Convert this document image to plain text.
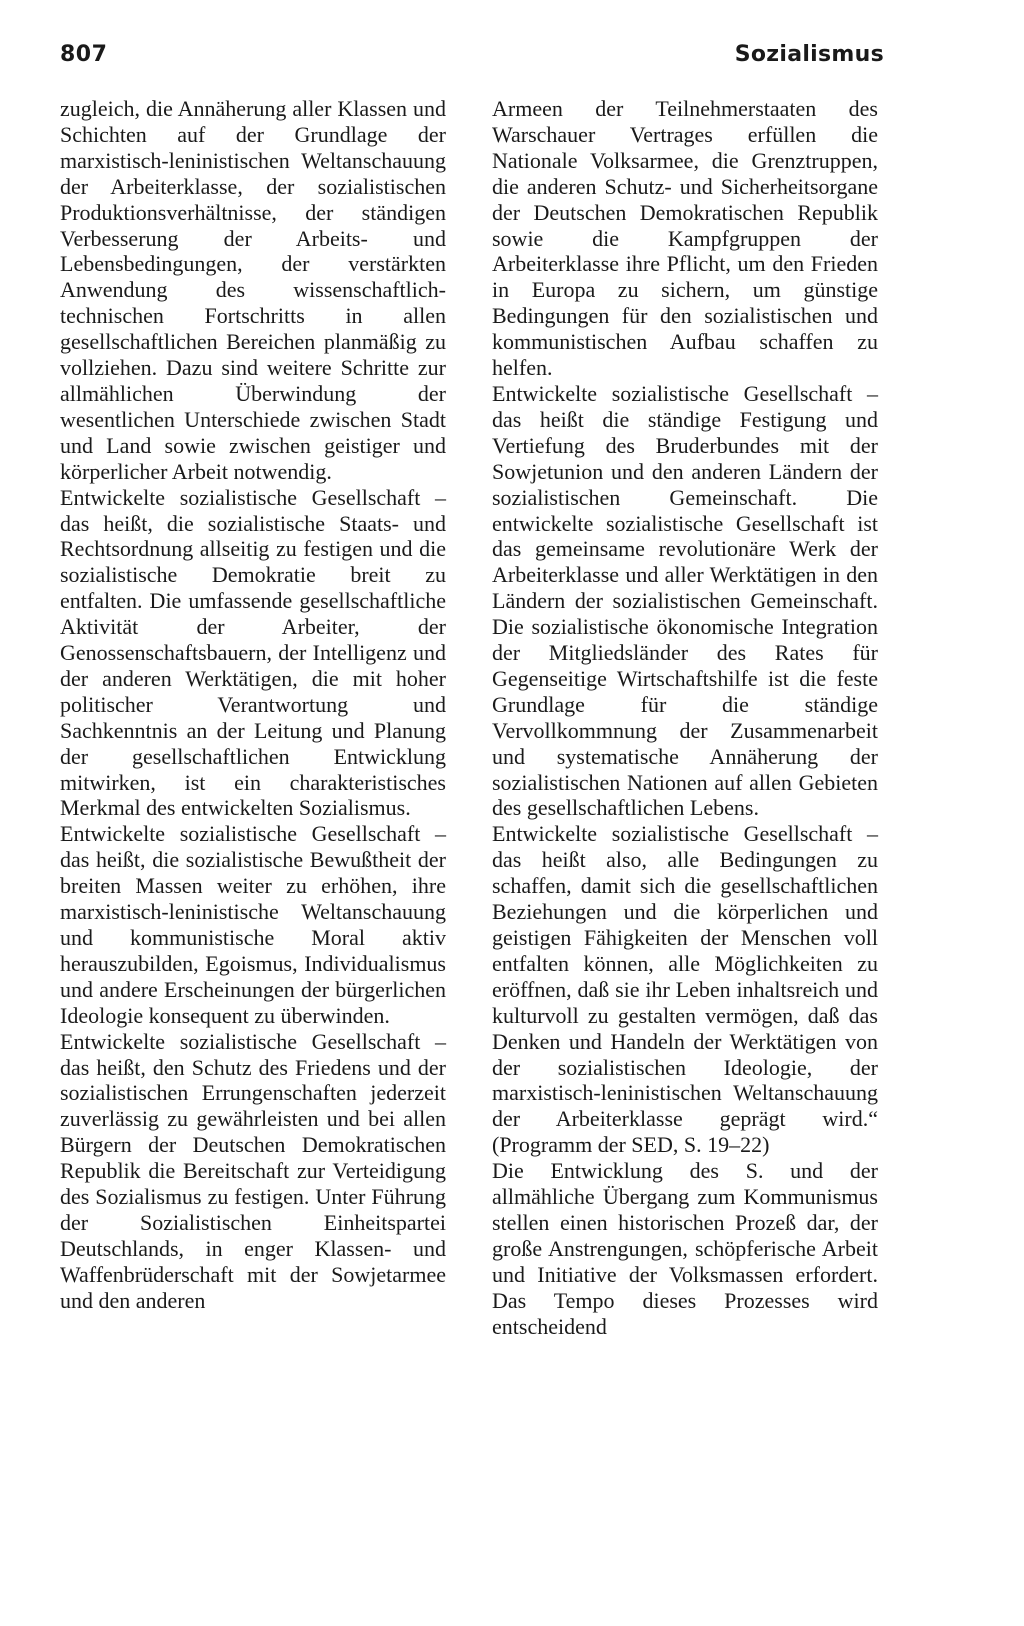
807	Sozialismus

zugleich, die Annäherung aller Klassen und Schichten auf der Grundlage der marxistisch-leninistischen Weltanschauung der Arbeiterklasse, der sozialistischen Produktionsverhältnisse, der ständigen Verbesserung der Arbeits- und Lebensbedingungen, der verstärkten Anwendung des wissenschaftlich-technischen Fortschritts in allen gesellschaftlichen Bereichen planmäßig zu vollziehen. Dazu sind weitere Schritte zur allmählichen Überwindung der wesentlichen Unterschiede zwischen Stadt und Land sowie zwischen geistiger und körperlicher Arbeit notwendig.

Entwickelte sozialistische Gesellschaft – das heißt, die sozialistische Staats- und Rechtsordnung allseitig zu festigen und die sozialistische Demokratie breit zu entfalten. Die umfassende gesellschaftliche Aktivität der Arbeiter, der Genossenschaftsbauern, der Intelligenz und der anderen Werktätigen, die mit hoher politischer Verantwortung und Sachkenntnis an der Leitung und Planung der gesellschaftlichen Entwicklung mitwirken, ist ein charakteristisches Merkmal des entwickelten Sozialismus.

Entwickelte sozialistische Gesellschaft – das heißt, die sozialistische Bewußtheit der breiten Massen weiter zu erhöhen, ihre marxistisch-leninistische Weltanschauung und kommunistische Moral aktiv herauszubilden, Egoismus, Individualismus und andere Erscheinungen der bürgerlichen Ideologie konsequent zu überwinden.

Entwickelte sozialistische Gesellschaft – das heißt, den Schutz des Friedens und der sozialistischen Errungenschaften jederzeit zuverlässig zu gewährleisten und bei allen Bürgern der Deutschen Demokratischen Republik die Bereitschaft zur Verteidigung des Sozialismus zu festigen. Unter Führung der Sozialistischen Einheitspartei Deutschlands, in enger Klassen- und Waffenbrüderschaft mit der Sowjetarmee und den anderen

Armeen der Teilnehmerstaaten des Warschauer Vertrages erfüllen die Nationale Volksarmee, die Grenztruppen, die anderen Schutz- und Sicherheitsorgane der Deutschen Demokratischen Republik sowie die Kampfgruppen der Arbeiterklasse ihre Pflicht, um den Frieden in Europa zu sichern, um günstige Bedingungen für den sozialistischen und kommunistischen Aufbau schaffen zu helfen.

Entwickelte sozialistische Gesellschaft – das heißt die ständige Festigung und Vertiefung des Bruderbundes mit der Sowjetunion und den anderen Ländern der sozialistischen Gemeinschaft. Die entwickelte sozialistische Gesellschaft ist das gemeinsame revolutionäre Werk der Arbeiterklasse und aller Werktätigen in den Ländern der sozialistischen Gemeinschaft. Die sozialistische ökonomische Integration der Mitgliedsländer des Rates für Gegenseitige Wirtschaftshilfe ist die feste Grundlage für die ständige Vervollkommnung der Zusammenarbeit und systematische Annäherung der sozialistischen Nationen auf allen Gebieten des gesellschaftlichen Lebens.

Entwickelte sozialistische Gesellschaft – das heißt also, alle Bedingungen zu schaffen, damit sich die gesellschaftlichen Beziehungen und die körperlichen und geistigen Fähigkeiten der Menschen voll entfalten können, alle Möglichkeiten zu eröffnen, daß sie ihr Leben inhaltsreich und kulturvoll zu gestalten vermögen, daß das Denken und Handeln der Werktätigen von der sozialistischen Ideologie, der marxistisch-leninistischen Weltanschauung der Arbeiterklasse geprägt wird.“ (Programm der SED, S. 19–22)

Die Entwicklung des S. und der allmähliche Übergang zum Kommunismus stellen einen historischen Prozeß dar, der große Anstrengungen, schöpferische Arbeit und Initiative der Volksmassen erfordert. Das Tempo dieses Prozesses wird entscheidend
